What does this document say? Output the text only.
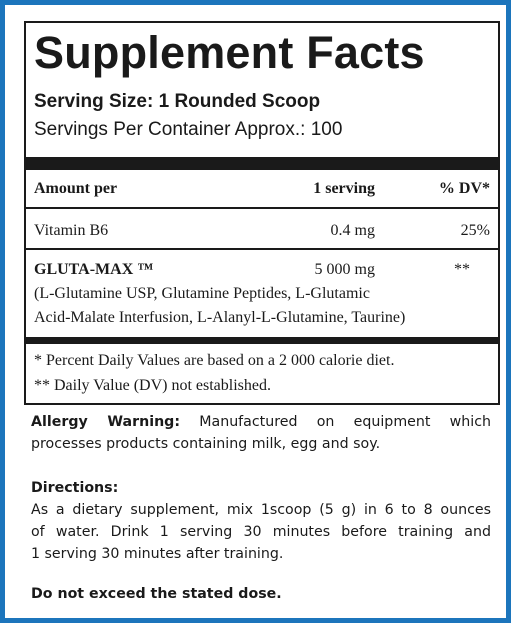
Supplement Facts
Serving Size: 1 Rounded Scoop
Servings Per Container Approx.: 100
Amount per	1 serving	% DV*
Vitamin B6	0.4 mg	25%
GLUTA-MAX ™	5 000 mg	**
(L-Glutamine USP, Glutamine Peptides, L-Glutamic
Acid-Malate Interfusion, L-Alanyl-L-Glutamine, Taurine)
* Percent Daily Values are based on a 2 000 calorie diet.
** Daily Value (DV) not established.
Allergy Warning: Manufactured on equipment which
processes products containing milk, egg and soy.
Directions:
As a dietary supplement, mix 1scoop (5 g) in 6 to 8 ounces
of water. Drink 1 serving 30 minutes before training and
1 serving 30 minutes after training.
Do not exceed the stated dose.
